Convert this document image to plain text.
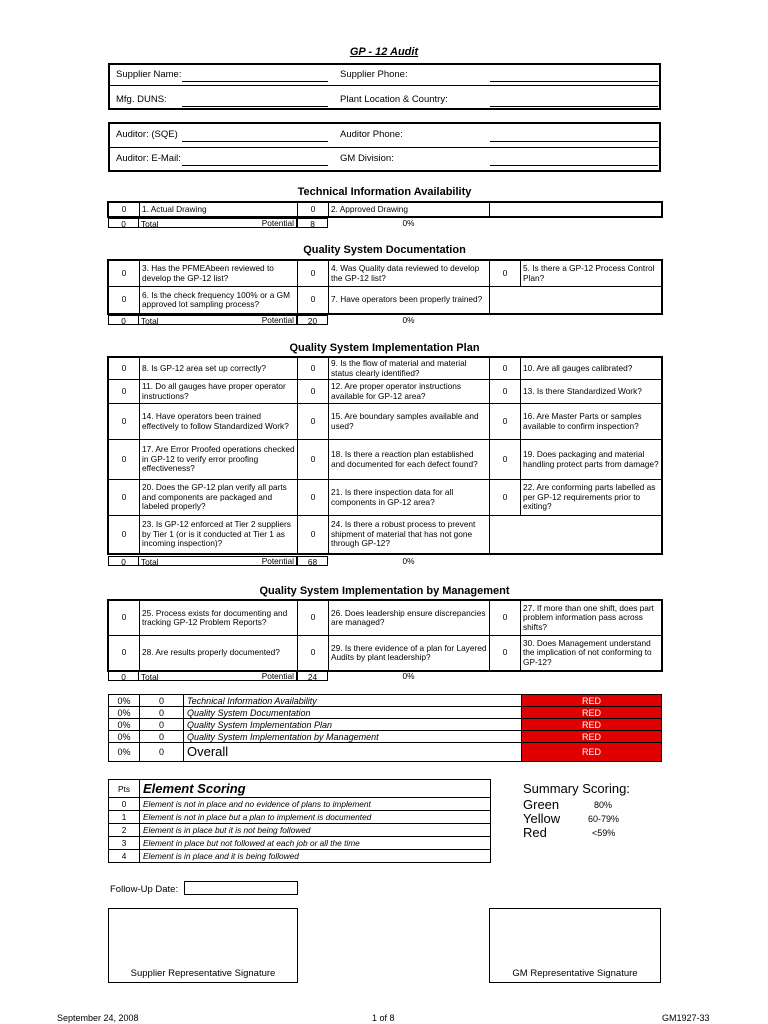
GP - 12 Audit
Supplier Name:	Supplier Phone:
Mfg. DUNS:	Plant Location & Country:
Auditor: (SQE)	Auditor Phone:
Auditor: E-Mail:	GM Division:
Technical Information Availability
0	1. Actual Drawing	0	2. Approved Drawing	
0	Total	Potential	8	0%
Quality System Documentation
0	3. Has the PFMEAbeen reviewed to develop the GP-12 list?	0	4. Was Quality data reviewed to develop the GP-12 list?	0	5. Is there a GP-12 Process Control Plan?
0	6. Is the check frequency 100% or a GM approved lot sampling process?	0	7. Have operators been properly trained?		
0	Total	Potential	20	0%
Quality System Implementation Plan
0	8. Is GP-12 area set up correctly?	0	9. Is the flow of material and material status clearly identified?	0	10. Are all gauges calibrated?
0	11. Do all gauges have proper operator instructions?	0	12. Are proper operator instructions available for GP-12 area?	0	13. Is there Standardized Work?
0	14. Have operators been trained effectively to follow Standardized Work?	0	15. Are boundary samples available and used?	0	16. Are Master Parts or samples available to confirm inspection?
0	17. Are Error Proofed operations checked in GP-12 to verify error proofing effectiveness?	0	18. Is there a reaction plan established and documented for each defect found?	0	19. Does packaging and material handling protect parts from damage?
0	20. Does the GP-12 plan verify all parts and components are packaged and labeled properly?	0	21. Is there inspection data for all components in GP-12 area?	0	22. Are conforming parts labelled as per GP-12 requirements prior to exiting?
0	23. Is GP-12 enforced at Tier 2 suppliers by Tier 1 (or is it conducted at Tier 1 as incoming inspection)?	0	24. Is there a robust process to prevent shipment of material that has not gone through GP-12?		
0	Total	Potential	68	0%
Quality System Implementation by Management
0	25. Process exists for documenting and tracking GP-12 Problem Reports?	0	26. Does leadership ensure discrepancies are managed?	0	27. If more than one shift, does part problem information pass across shifts?
0	28. Are results properly documented?	0	29. Is there evidence of a plan for Layered Audits by plant leadership?	0	30. Does Management understand the implication of not conforming to GP-12?
0	Total	Potential	24	0%
0%	0	Technical Information Availability	RED
0%	0	Quality System Documentation	RED
0%	0	Quality System Implementation Plan	RED
0%	0	Quality System Implementation by Management	RED
0%	0	Overall	RED
Pts	Element Scoring
0	Element is not in place and no evidence of plans to implement
1	Element is not in place but a plan to implement is documented
2	Element is in place but it is not being followed
3	Element in place but not followed at each job or all the time
4	Element is in place and it is being followed
Summary Scoring:
Green	80%
Yellow	60-79%
Red	<59%
Follow-Up Date:
Supplier Representative Signature	GM Representative Signature
September 24, 2008	1 of 8	GM1927-33
